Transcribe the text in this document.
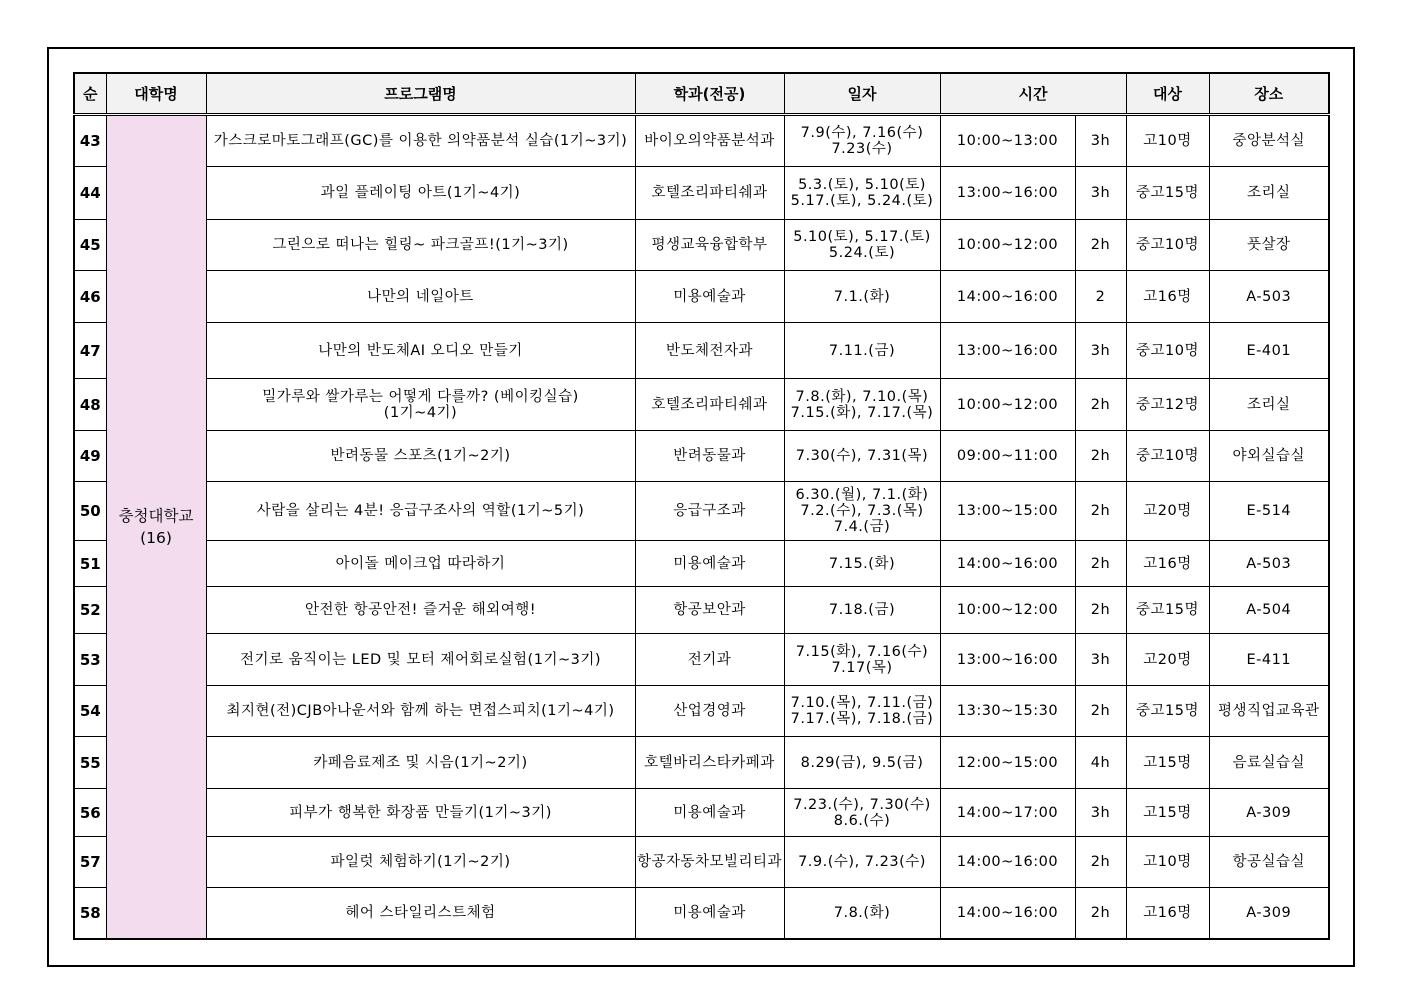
순	대학명	프로그램명	학과(전공)	일자	시간		대상	장소
43	충청대학교
(16)	가스크로마토그래프(GC)를 이용한 의약품분석 실습(1기~3기)	바이오의약품분석과	7.9(수), 7.16(수)
7.23(수)	10:00~13:00	3h	고10명	중앙분석실
44		과일 플레이팅 아트(1기~4기)	호텔조리파티쉐과	5.3.(토), 5.10(토)
5.17.(토), 5.24.(토)	13:00~16:00	3h	중고15명	조리실
45		그린으로 떠나는 힐링~ 파크골프!(1기~3기)	평생교육융합학부	5.10(토), 5.17.(토)
5.24.(토)	10:00~12:00	2h	중고10명	풋살장
46		나만의 네일아트	미용예술과	7.1.(화)	14:00~16:00	2	고16명	A-503
47		나만의 반도체AI 오디오 만들기	반도체전자과	7.11.(금)	13:00~16:00	3h	중고10명	E-401
48		밀가루와 쌀가루는 어떻게 다를까? (베이킹실습)
(1기~4기)	호텔조리파티쉐과	7.8.(화), 7.10.(목)
7.15.(화), 7.17.(목)	10:00~12:00	2h	중고12명	조리실
49		반려동물 스포츠(1기~2기)	반려동물과	7.30(수), 7.31(목)	09:00~11:00	2h	중고10명	야외실습실
50		사람을 살리는 4분! 응급구조사의 역할(1기~5기)	응급구조과	6.30.(월), 7.1.(화)
7.2.(수), 7.3.(목)
7.4.(금)	13:00~15:00	2h	고20명	E-514
51		아이돌 메이크업 따라하기	미용예술과	7.15.(화)	14:00~16:00	2h	고16명	A-503
52		안전한 항공안전! 즐거운 해외여행!	항공보안과	7.18.(금)	10:00~12:00	2h	중고15명	A-504
53		전기로 움직이는 LED 및 모터 제어회로실험(1기~3기)	전기과	7.15(화), 7.16(수)
7.17(목)	13:00~16:00	3h	고20명	E-411
54		최지현(전)CJB아나운서와 함께 하는 면접스피치(1기~4기)	산업경영과	7.10.(목), 7.11.(금)
7.17.(목), 7.18.(금)	13:30~15:30	2h	중고15명	평생직업교육관
55		카페음료제조 및 시음(1기~2기)	호텔바리스타카페과	8.29(금), 9.5(금)	12:00~15:00	4h	고15명	음료실습실
56		피부가 행복한 화장품 만들기(1기~3기)	미용예술과	7.23.(수), 7.30(수)
8.6.(수)	14:00~17:00	3h	고15명	A-309
57		파일럿 체험하기(1기~2기)	항공자동차모빌리티과	7.9.(수), 7.23(수)	14:00~16:00	2h	고10명	항공실습실
58		헤어 스타일리스트체험	미용예술과	7.8.(화)	14:00~16:00	2h	고16명	A-309
